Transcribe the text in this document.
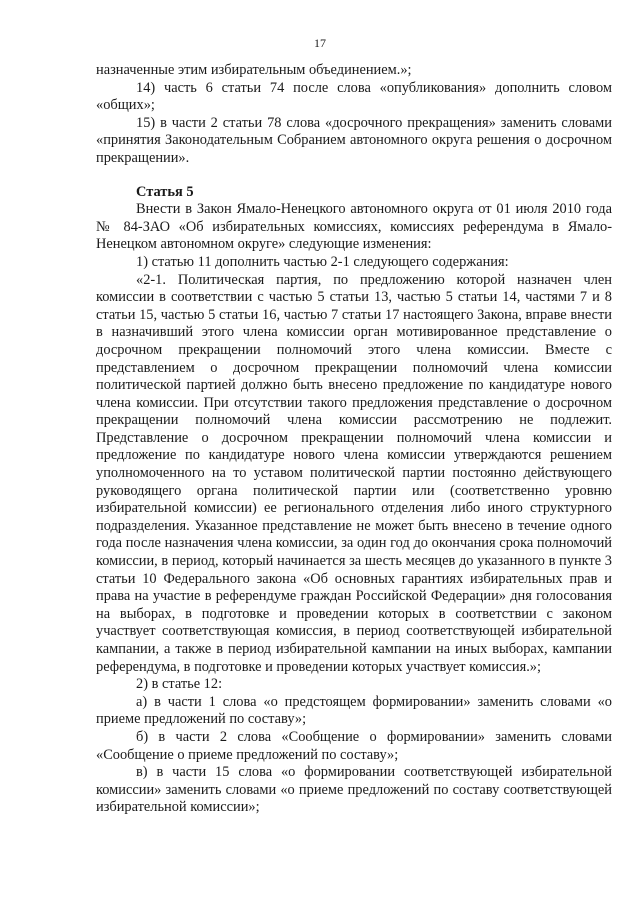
17

назначенные этим избирательным объединением.»;

14) часть 6 статьи 74 после слова «опубликования» дополнить словом «общих»;

15) в части 2 статьи 78 слова «досрочного прекращения» заменить словами «принятия Законодательным Собранием автономного округа решения о досрочном прекращении».

Статья 5

Внести в Закон Ямало-Ненецкого автономного округа от 01 июля 2010 года № 84-ЗАО «Об избирательных комиссиях, комиссиях референдума в Ямало-Ненецком автономном округе» следующие изменения:

1) статью 11 дополнить частью 2-1 следующего содержания:

«2-1. Политическая партия, по предложению которой назначен член комиссии в соответствии с частью 5 статьи 13, частью 5 статьи 14, частями 7 и 8 статьи 15, частью 5 статьи 16, частью 7 статьи 17 настоящего Закона, вправе внести в назначивший этого члена комиссии орган мотивированное представление о досрочном прекращении полномочий этого члена комиссии. Вместе с представлением о досрочном прекращении полномочий члена комиссии политической партией должно быть внесено предложение по кандидатуре нового члена комиссии. При отсутствии такого предложения представление о досрочном прекращении полномочий члена комиссии рассмотрению не подлежит. Представление о досрочном прекращении полномочий члена комиссии и предложение по кандидатуре нового члена комиссии утверждаются решением уполномоченного на то уставом политической партии постоянно действующего руководящего органа политической партии или (соответственно уровню избирательной комиссии) ее регионального отделения либо иного структурного подразделения. Указанное представление не может быть внесено в течение одного года после назначения члена комиссии, за один год до окончания срока полномочий комиссии, в период, который начинается за шесть месяцев до указанного в пункте 3 статьи 10 Федерального закона «Об основных гарантиях избирательных прав и права на участие в референдуме граждан Российской Федерации» дня голосования на выборах, в подготовке и проведении которых в соответствии с законом участвует соответствующая комиссия, в период соответствующей избирательной кампании, а также в период избирательной кампании на иных выборах, кампании референдума, в подготовке и проведении которых участвует комиссия.»;

2) в статье 12:

а) в части 1 слова «о предстоящем формировании» заменить словами «о приеме предложений по составу»;

б) в части 2 слова «Сообщение о формировании» заменить словами «Сообщение о приеме предложений по составу»;

в) в части 15 слова «о формировании соответствующей избирательной комиссии» заменить словами «о приеме предложений по составу соответствующей избирательной комиссии»;
